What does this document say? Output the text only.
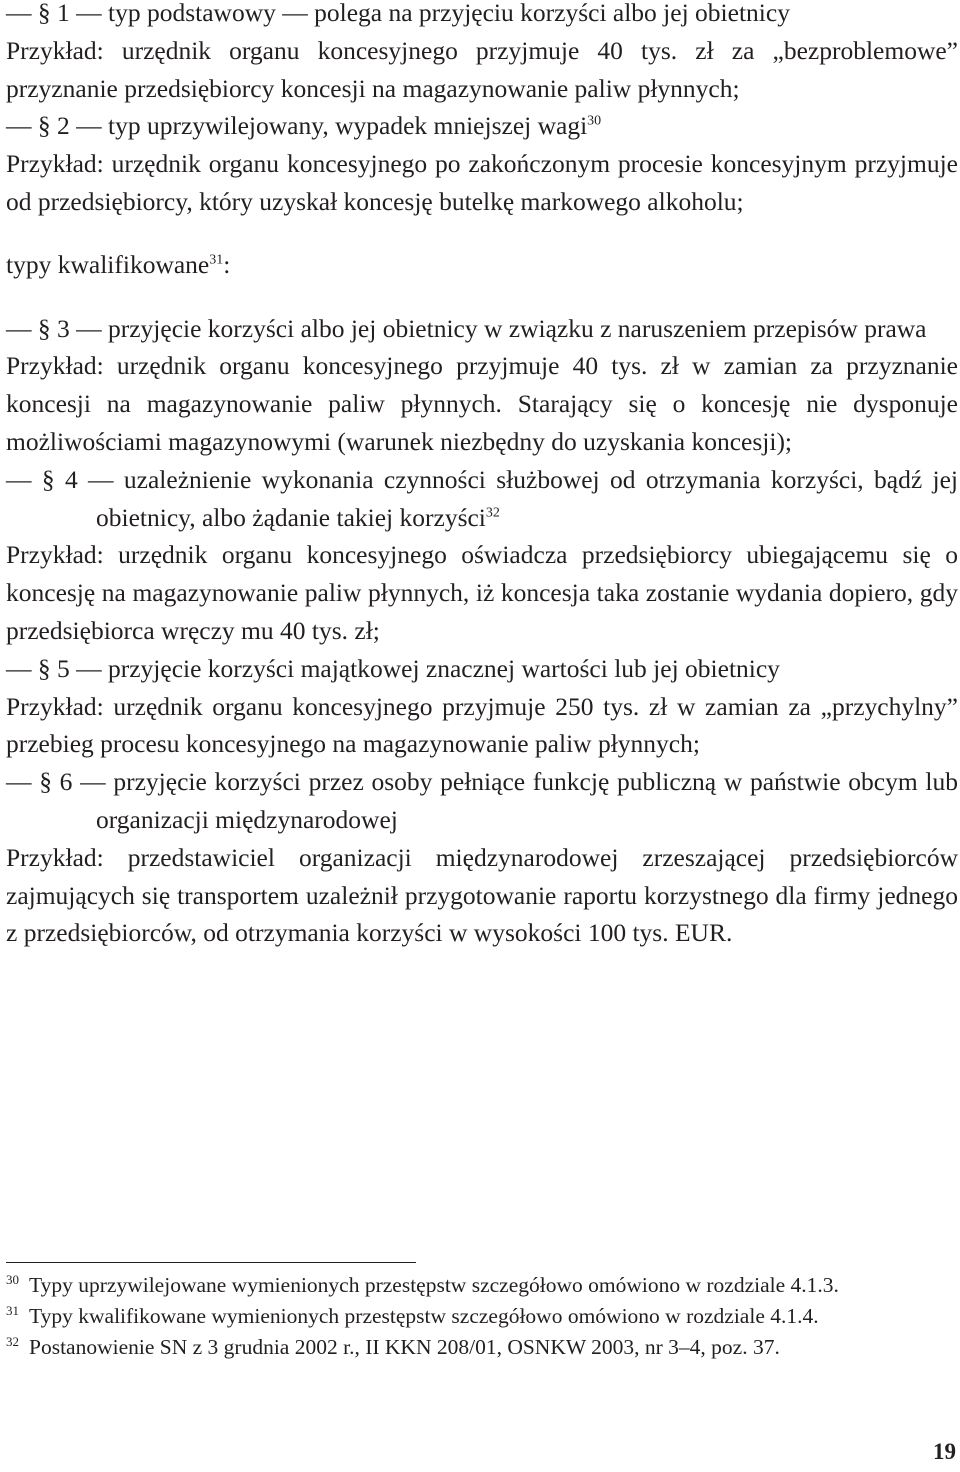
— § 1 — typ podstawowy — polega na przyjęciu korzyści albo jej obietnicy

Przykład: urzędnik organu koncesyjnego przyjmuje 40 tys. zł za „bezproblemowe” przyznanie przedsiębiorcy koncesji na magazynowanie paliw płynnych;

— § 2 — typ uprzywilejowany, wypadek mniejszej wagi$^{30}$

Przykład: urzędnik organu koncesyjnego po zakończonym procesie koncesyjnym przyjmuje od przedsiębiorcy, który uzyskał koncesję butelkę markowego alkoholu;

typy kwalifikowane$^{31}$:

— § 3 — przyjęcie korzyści albo jej obietnicy w związku z naruszeniem przepisów prawa

Przykład: urzędnik organu koncesyjnego przyjmuje 40 tys. zł w zamian za przyznanie koncesji na magazynowanie paliw płynnych. Starający się o koncesję nie dysponuje możliwościami magazynowymi (warunek niezbędny do uzyskania koncesji);

— § 4 — uzależnienie wykonania czynności służbowej od otrzymania korzyści, bądź jej obietnicy, albo żądanie takiej korzyści$^{32}$

Przykład: urzędnik organu koncesyjnego oświadcza przedsiębiorcy ubiegającemu się o koncesję na magazynowanie paliw płynnych, iż koncesja taka zostanie wydania dopiero, gdy przedsiębiorca wręczy mu 40 tys. zł;

— § 5 — przyjęcie korzyści majątkowej znacznej wartości lub jej obietnicy

Przykład: urzędnik organu koncesyjnego przyjmuje 250 tys. zł w zamian za „przychylny” przebieg procesu koncesyjnego na magazynowanie paliw płynnych;

— § 6 — przyjęcie korzyści przez osoby pełniące funkcję publiczną w państwie obcym lub organizacji międzynarodowej

Przykład: przedstawiciel organizacji międzynarodowej zrzeszającej przedsiębiorców zajmujących się transportem uzależnił przygotowanie raportu korzystnego dla firmy jednego z przedsiębiorców, od otrzymania korzyści w wysokości 100 tys. EUR.

$^{30}$ Typy uprzywilejowane wymienionych przestępstw szczegółowo omówiono w rozdziale 4.1.3.

$^{31}$ Typy kwalifikowane wymienionych przestępstw szczegółowo omówiono w rozdziale 4.1.4.

$^{32}$ Postanowienie SN z 3 grudnia 2002 r., II KKN 208/01, OSNKW 2003, nr 3–4, poz. 37.

19
